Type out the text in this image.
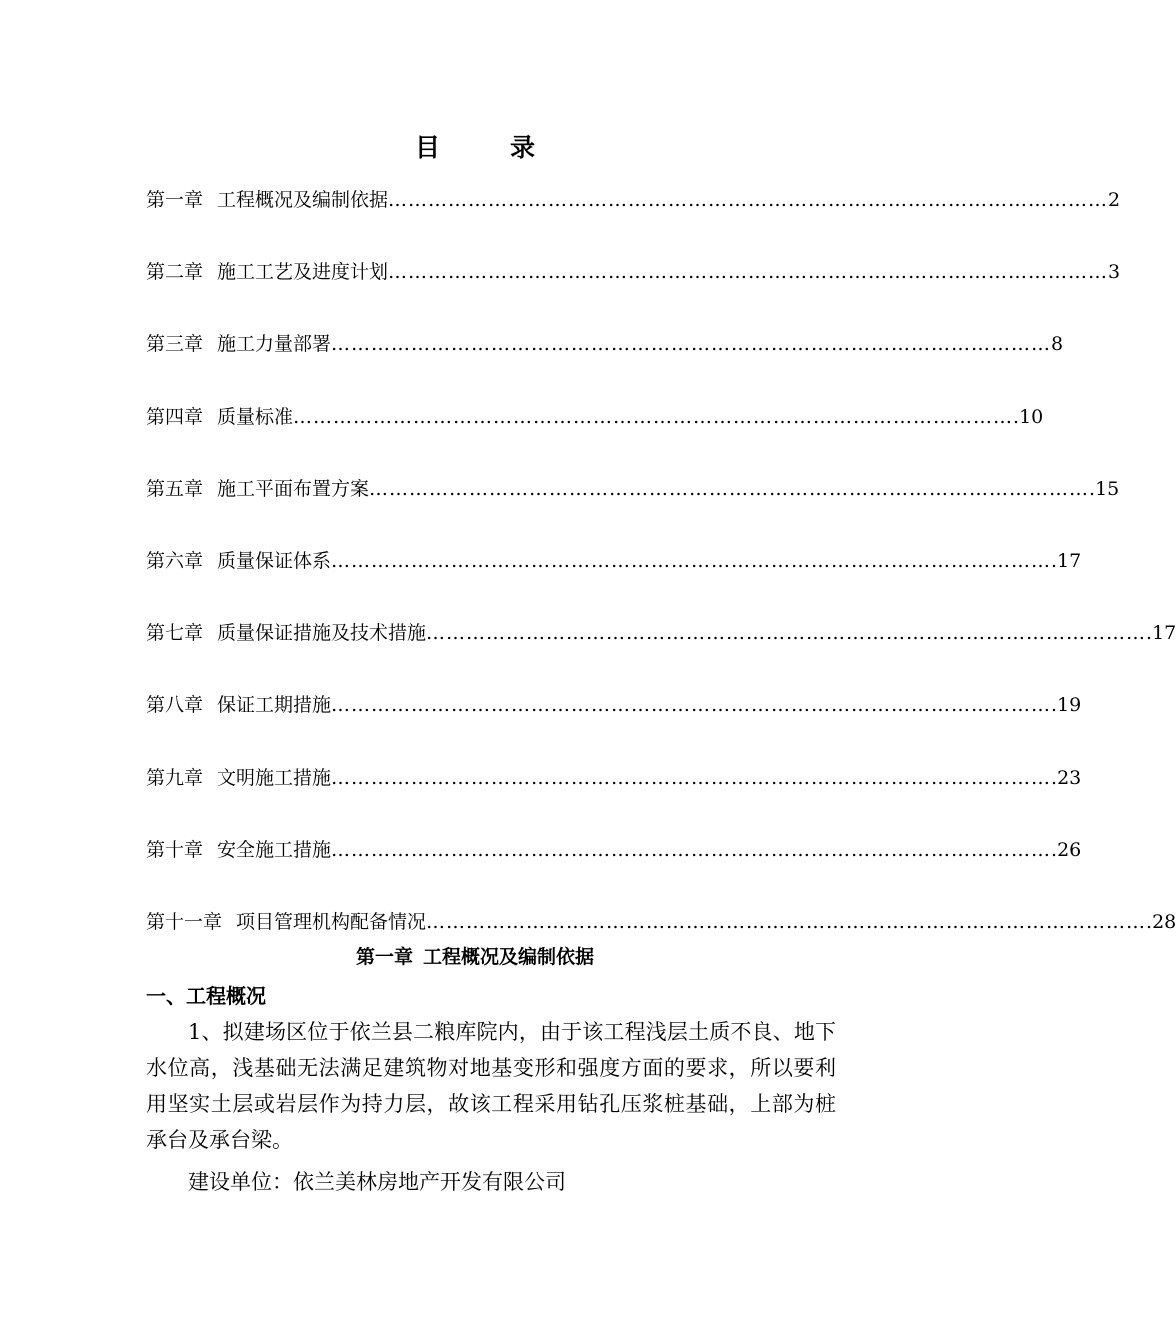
目	录
第一章 工程概况及编制依据 ……………………………………………………………………………………………… 2
第二章 施工工艺及进度计划 ……………………………………………………………………………………………… 3
第三章 施工力量部署 ……………………………………………………………………………………………… 8
第四章 质量标准 ……………………………………………………………………………………………… .10
第五章 施工平面布置方案 ……………………………………………………………………………………………… .15
第六章 质量保证体系 ……………………………………………………………………………………………… .17
第七章 质量保证措施及技术措施 ……………………………………………………………………………………………… .17
第八章 保证工期措施 ……………………………………………………………………………………………… .19
第九章 文明施工措施 ……………………………………………………………………………………………… .23
第十章 安全施工措施 ……………………………………………………………………………………………… .26
第十一章 项目管理机构配备情况 ……………………………………………………………………………………………… .28
第一章 工程概况及编制依据
一、工程概况

1、拟建场区位于依兰县二粮库院内，由于该工程浅层土质不良、地下水位高，浅基础无法满足建筑物对地基变形和强度方面的要求，所以要利用坚实土层或岩层作为持力层，故该工程采用钻孔压浆桩基础，上部为桩承台及承台梁。

建设单位：依兰美林房地产开发有限公司
